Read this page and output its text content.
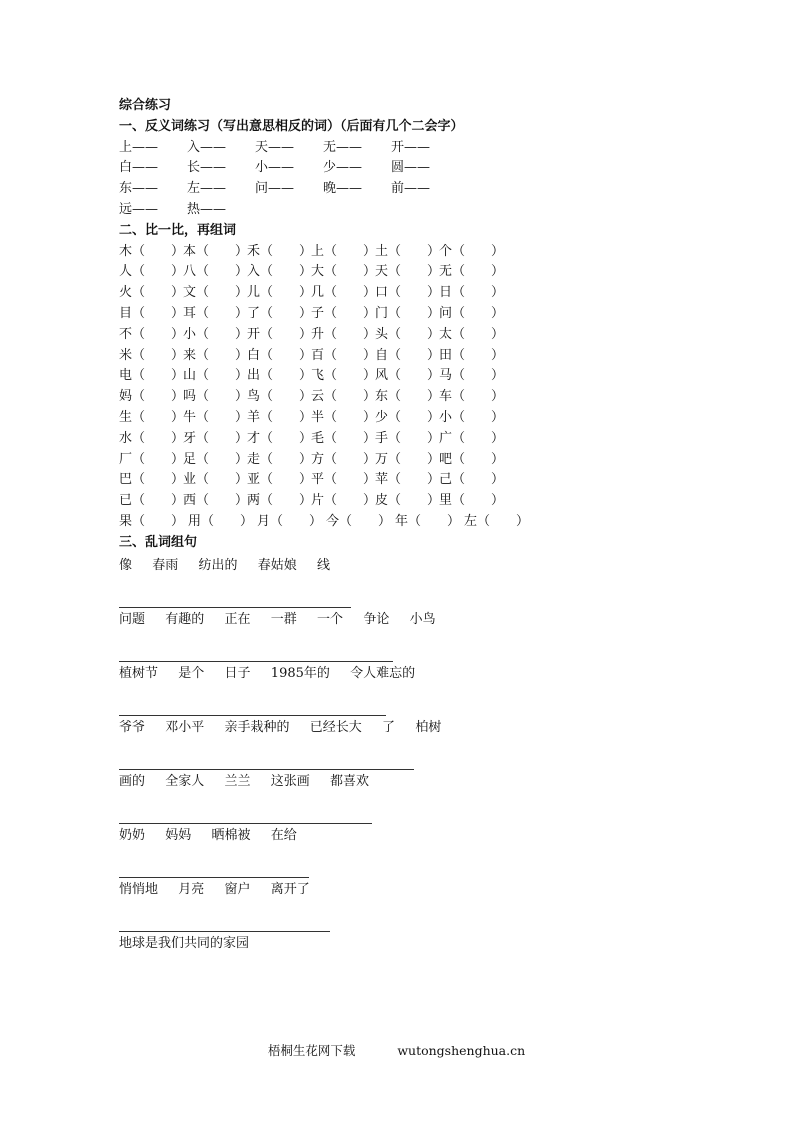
综合练习
一、反义词练习（写出意思相反的词）（后面有几个二会字）
上—— 入—— 天—— 无—— 开——
白—— 长—— 小—— 少—— 圆——
东—— 左—— 问—— 晚—— 前——
远—— 热——
二、比一比，再组词
木（　　）本（　　）禾（　　）上（　　）土（　　）个（　　）
人（　　）八（　　）入（　　）大（　　）天（　　）无（　　）
火（　　）文（　　）儿（　　）几（　　）口（　　）日（　　）
目（　　）耳（　　）了（　　）子（　　）门（　　）问（　　）
不（　　）小（　　）开（　　）升（　　）头（　　）太（　　）
米（　　）来（　　）白（　　）百（　　）自（　　）田（　　）
电（　　）山（　　）出（　　）飞（　　）风（　　）马（　　）
妈（　　）吗（　　）鸟（　　）云（　　）东（　　）车（　　）
生（　　）牛（　　）羊（　　）半（　　）少（　　）小（　　）
水（　　）牙（　　）才（　　）毛（　　）手（　　）广（　　）
厂（　　）足（　　）走（　　）方（　　）万（　　）吧（　　）
巴（　　）业（　　）亚（　　）平（　　）苹（　　）己（　　）
已（　　）西（　　）两（　　）片（　　）皮（　　）里（　　）
果（　　） 用（　　） 月（　　） 今（　　） 年（　　） 左（　　）
三、乱词组句
像  春雨  纺出的  春姑娘  线
问题  有趣的  正在  一群  一个  争论  小鸟
植树节  是个  日子  1985年的  令人难忘的
爷爷  邓小平  亲手栽种的  已经长大  了  柏树
画的  全家人  兰兰  这张画  都喜欢
奶奶  妈妈  晒棉被  在给
悄悄地  月亮  窗户  离开了
地球是我们共同的家园
梧桐生花网下载	wutongshenghua.cn
